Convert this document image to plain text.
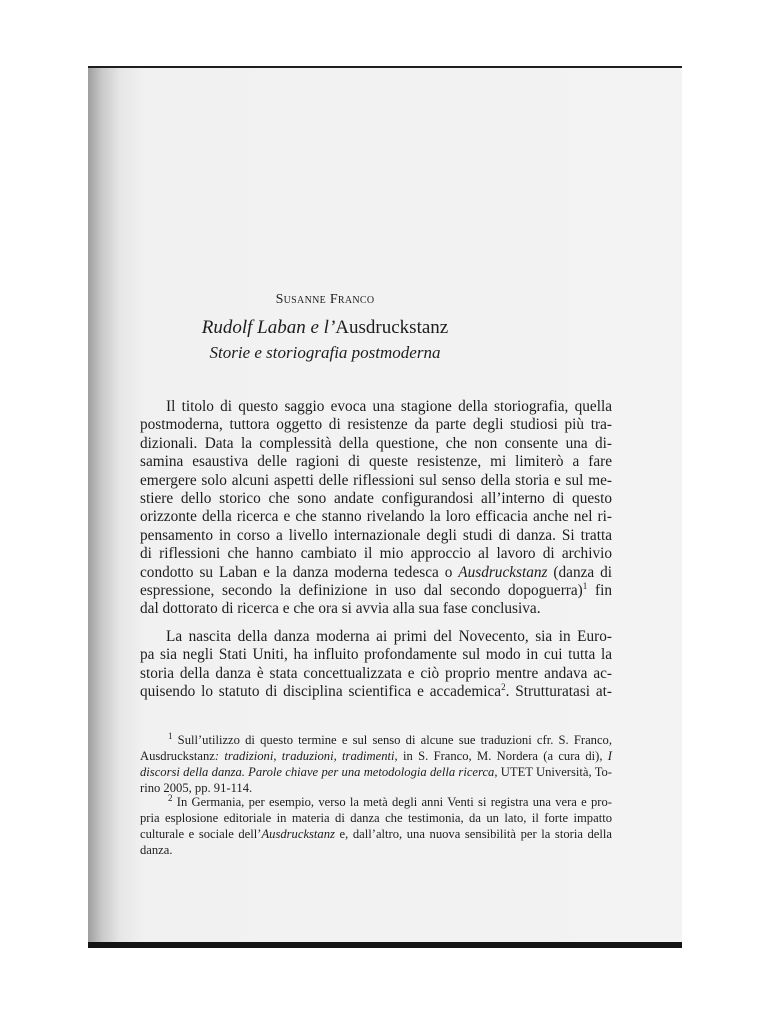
Susanne Franco
Rudolf Laban e l’Ausdruckstanz
Storie e storiografia postmoderna
Il titolo di questo saggio evoca una stagione della storiografia, quella
postmoderna, tuttora oggetto di resistenze da parte degli studiosi più tra-
dizionali. Data la complessità della questione, che non consente una di-
samina esaustiva delle ragioni di queste resistenze, mi limiterò a fare
emergere solo alcuni aspetti delle riflessioni sul senso della storia e sul me-
stiere dello storico che sono andate configurandosi all’interno di questo
orizzonte della ricerca e che stanno rivelando la loro efficacia anche nel ri-
pensamento in corso a livello internazionale degli studi di danza. Si tratta
di riflessioni che hanno cambiato il mio approccio al lavoro di archivio
condotto su Laban e la danza moderna tedesca o Ausdruckstanz (danza di
espressione, secondo la definizione in uso dal secondo dopoguerra)$^1$ fin
dal dottorato di ricerca e che ora si avvia alla sua fase conclusiva.
La nascita della danza moderna ai primi del Novecento, sia in Euro-
pa sia negli Stati Uniti, ha influito profondamente sul modo in cui tutta la
storia della danza è stata concettualizzata e ciò proprio mentre andava ac-
quisendo lo statuto di disciplina scientifica e accademica$^2$. Strutturatasi at-
$^1$ Sull’utilizzo di questo termine e sul senso di alcune sue traduzioni cfr. S. Franco,
Ausdruckstanz: tradizioni, traduzioni, tradimenti, in S. Franco, M. Nordera (a cura di), I
discorsi della danza. Parole chiave per una metodologia della ricerca, UTET Università, To-
rino 2005, pp. 91-114.
$^2$ In Germania, per esempio, verso la metà degli anni Venti si registra una vera e pro-
pria esplosione editoriale in materia di danza che testimonia, da un lato, il forte impatto
culturale e sociale dell’Ausdruckstanz e, dall’altro, una nuova sensibilità per la storia della
danza.
